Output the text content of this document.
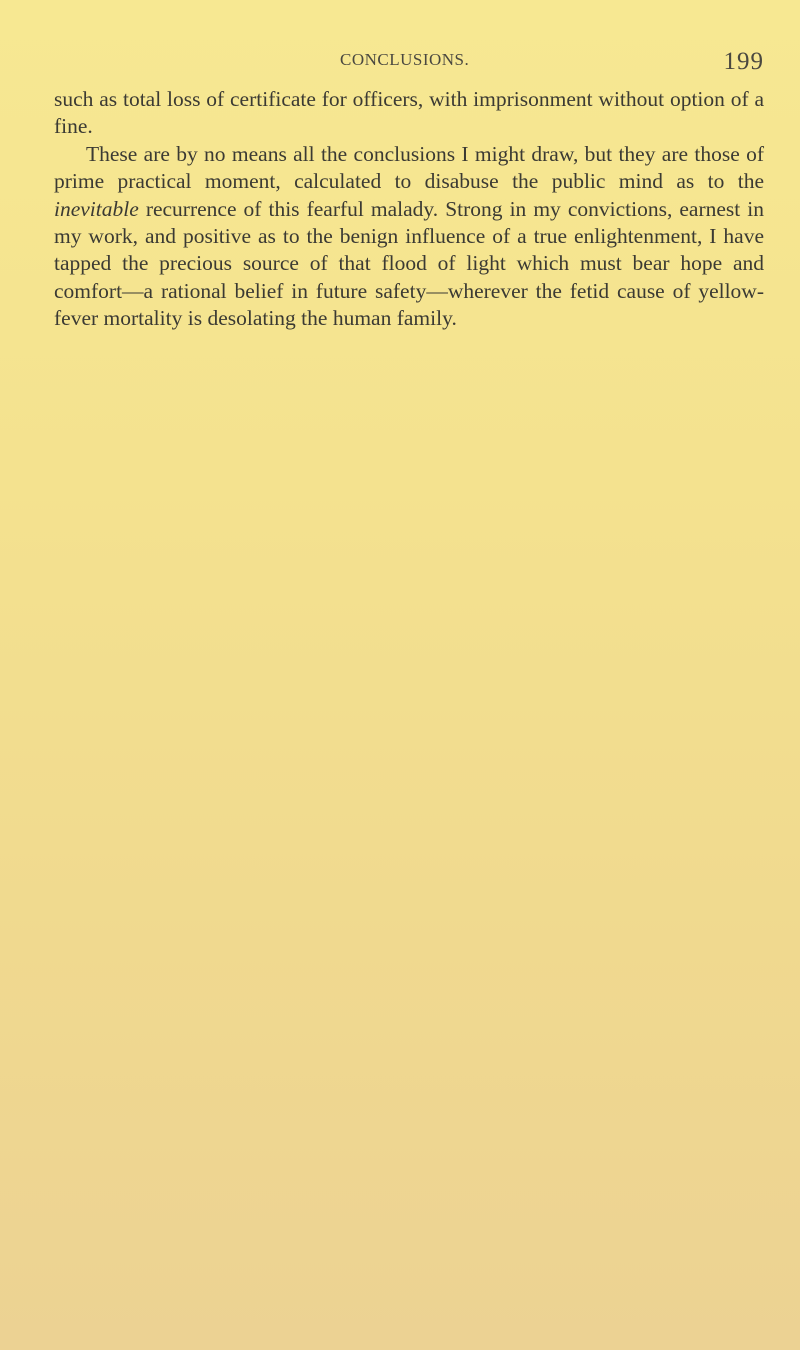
CONCLUSIONS.	199

such as total loss of certificate for officers, with imprisonment without option of a fine.

These are by no means all the conclusions I might draw, but they are those of prime practical moment, calculated to disabuse the public mind as to the inevitable recurrence of this fearful malady. Strong in my convictions, earnest in my work, and positive as to the benign influence of a true enlightenment, I have tapped the precious source of that flood of light which must bear hope and comfort—a rational belief in future safety—wherever the fetid cause of yellow-fever mortality is desolating the human family.
